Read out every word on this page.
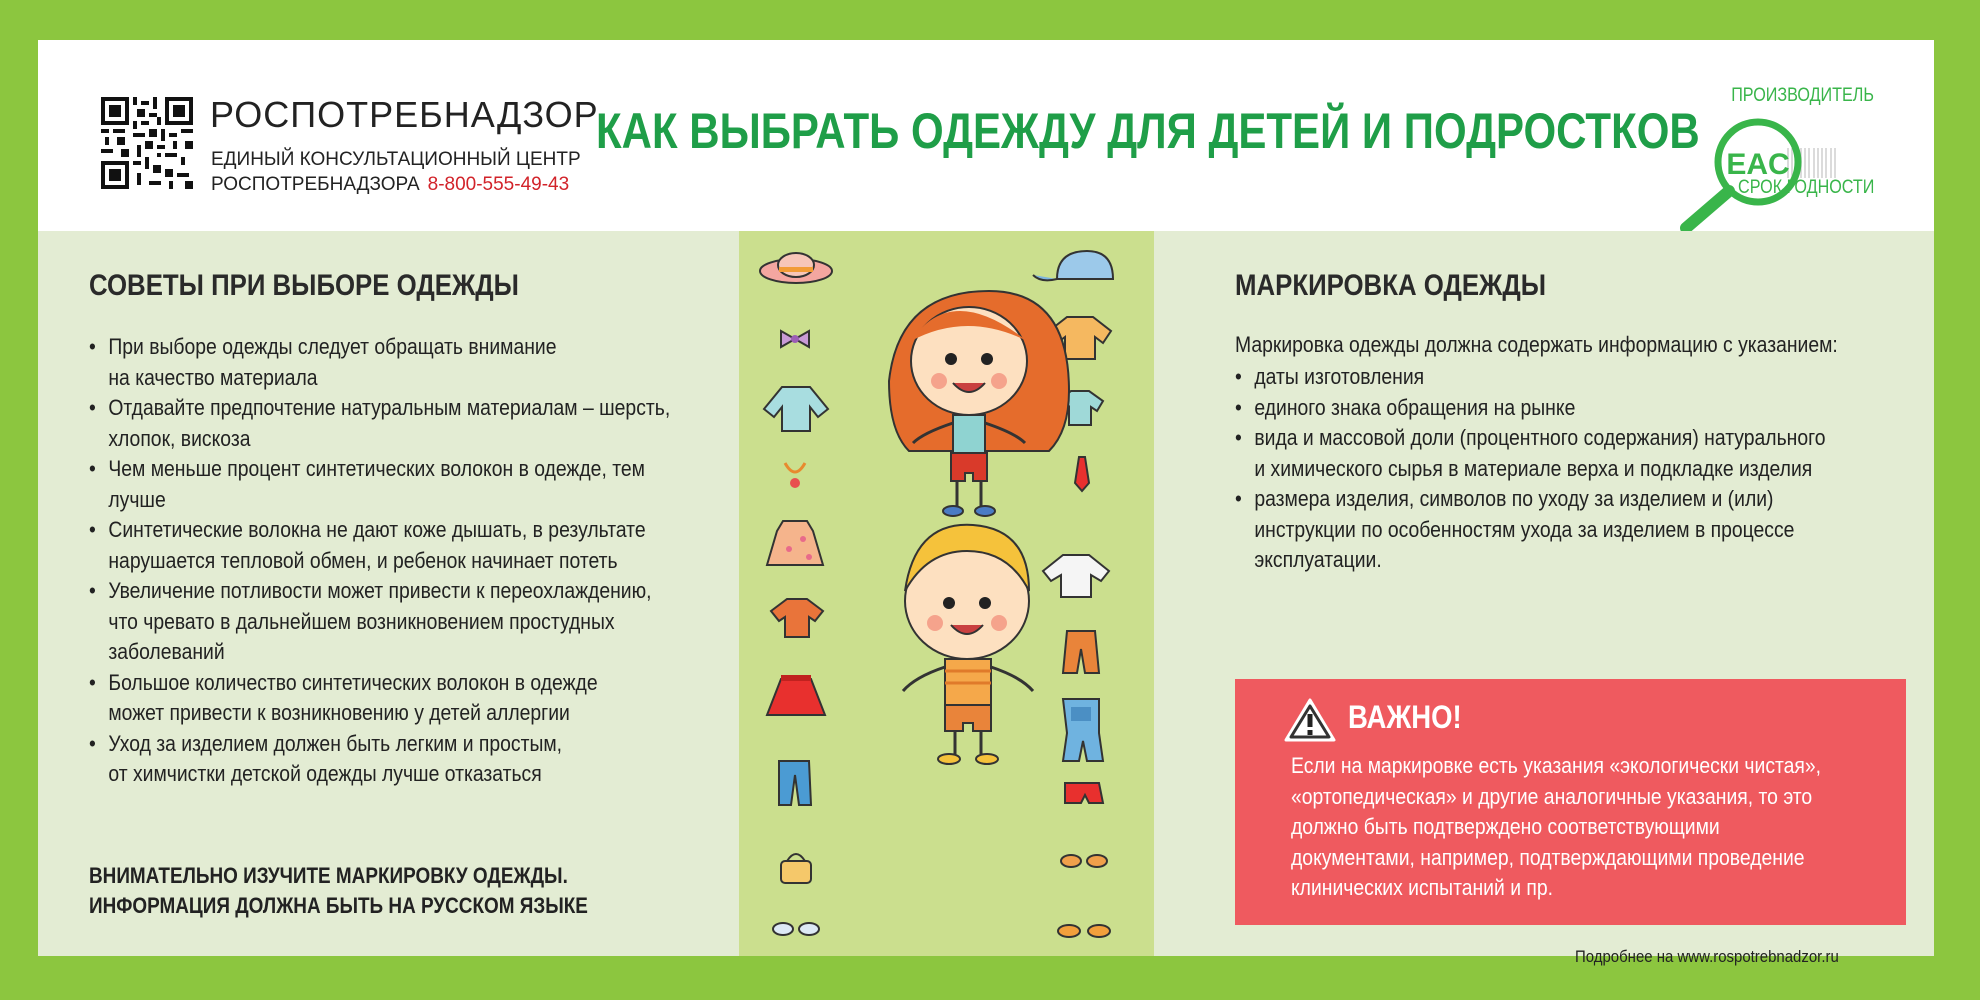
РОСПОТРЕБНАДЗОР
ЕДИНЫЙ КОНСУЛЬТАЦИОННЫЙ ЦЕНТР
РОСПОТРЕБНАДЗОРА 8-800-555-49-43
КАК ВЫБРАТЬ ОДЕЖДУ ДЛЯ ДЕТЕЙ И ПОДРОСТКОВ
EAC
ПРОИЗВОДИТЕЛЬ
СРОК ГОДНОСТИ
СОВЕТЫ ПРИ ВЫБОРЕ ОДЕЖДЫ
• При выборе одежды следует обращать внимание
на качество материала
• Отдавайте предпочтение натуральным материалам – шерсть,
хлопок, вискоза
• Чем меньше процент синтетических волокон в одежде, тем
лучше
• Синтетические волокна не дают коже дышать, в результате
нарушается тепловой обмен, и ребенок начинает потеть
• Увеличение потливости может привести к переохлаждению,
что чревато в дальнейшем возникновением простудных
заболеваний
• Большое количество синтетических волокон в одежде
может привести к возникновению у детей аллергии
• Уход за изделием должен быть легким и простым,
от химчистки детской одежды лучше отказаться
ВНИМАТЕЛЬНО ИЗУЧИТЕ МАРКИРОВКУ ОДЕЖДЫ.
ИНФОРМАЦИЯ ДОЛЖНА БЫТЬ НА РУССКОМ ЯЗЫКЕ
МАРКИРОВКА ОДЕЖДЫ
Маркировка одежды должна содержать информацию с указанием:
• даты изготовления
• единого знака обращения на рынке
• вида и массовой доли (процентного содержания) натурального
и химического сырья в материале верха и подкладке изделия
• размера изделия, символов по уходу за изделием и (или)
инструкции по особенностям ухода за изделием в процессе
эксплуатации.
ВАЖНО!
Если на маркировке есть указания «экологически чистая»,
«ортопедическая» и другие аналогичные указания, то это
должно быть подтверждено соответствующими
документами, например, подтверждающими проведение
клинических испытаний и пр.
Подробнее на www.rospotrebnadzor.ru
